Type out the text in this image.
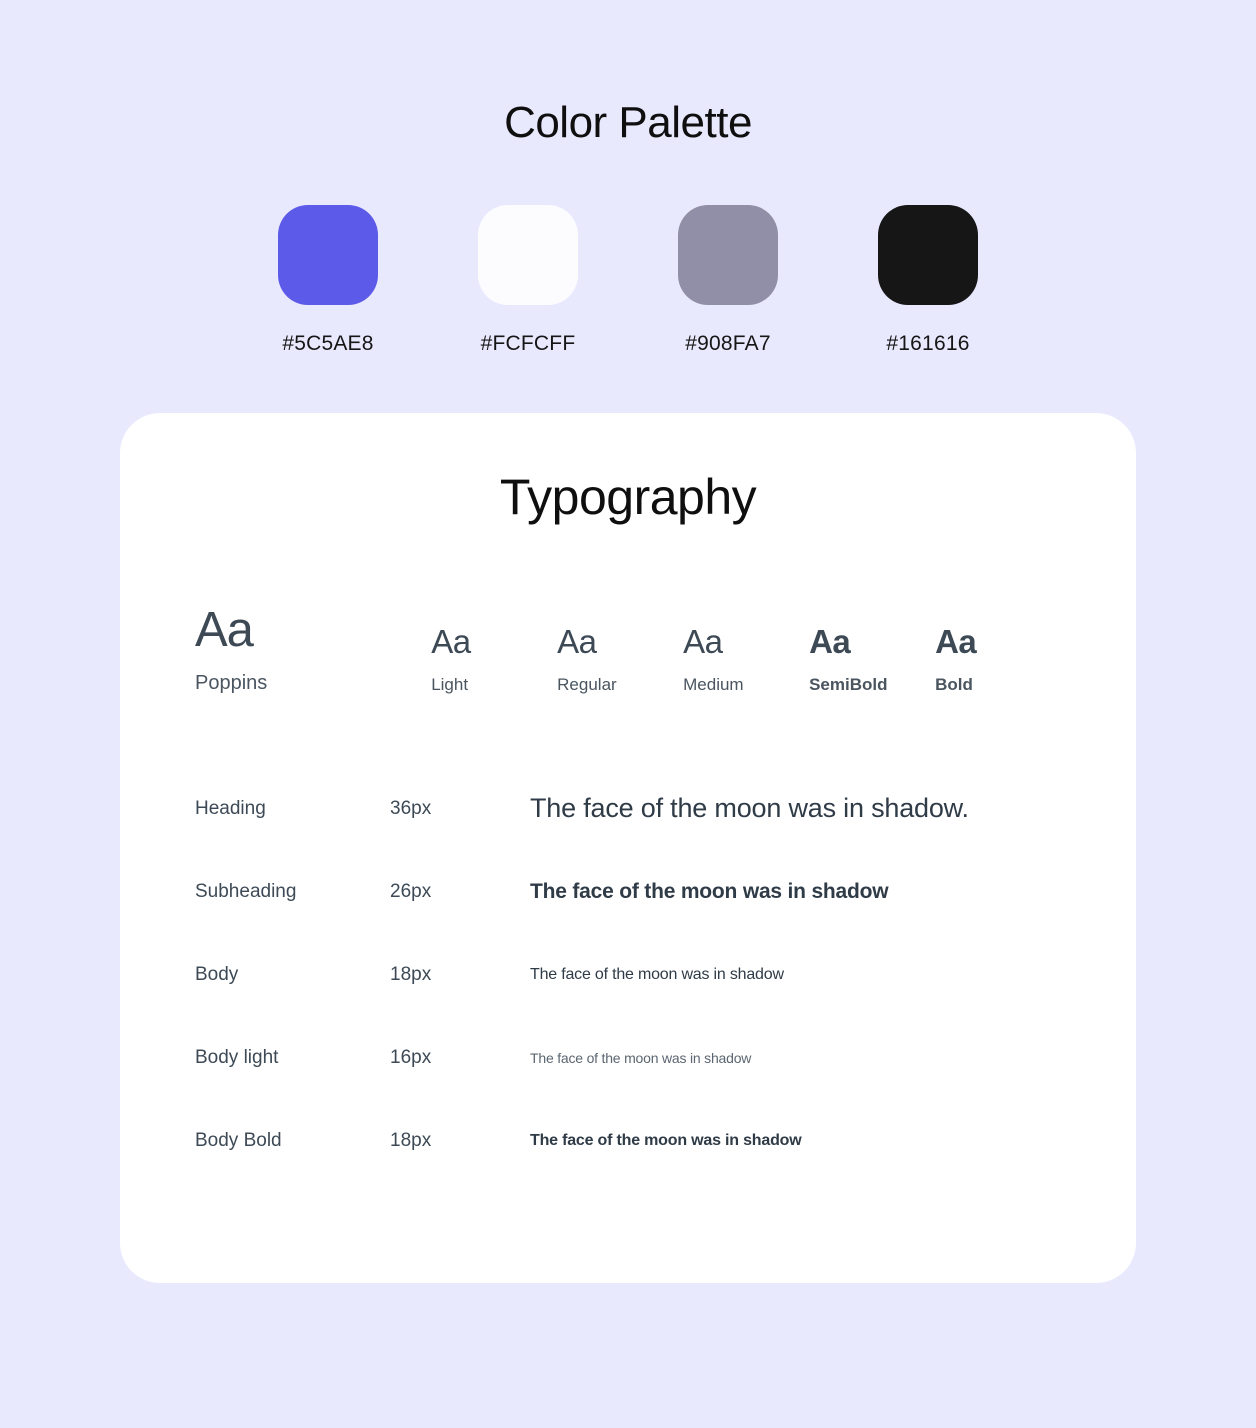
Color Palette
#5C5AE8	#FCFCFF	#908FA7	#161616
Typography
Aa
Poppins
Aa
Light
Aa
Regular
Aa
Medium
Aa
SemiBold
Aa
Bold
Heading	36px	The face of the moon was in shadow.
Subheading	26px	The face of the moon was in shadow
Body	18px	The face of the moon was in shadow
Body light	16px	The face of the moon was in shadow
Body Bold	18px	The face of the moon was in shadow
